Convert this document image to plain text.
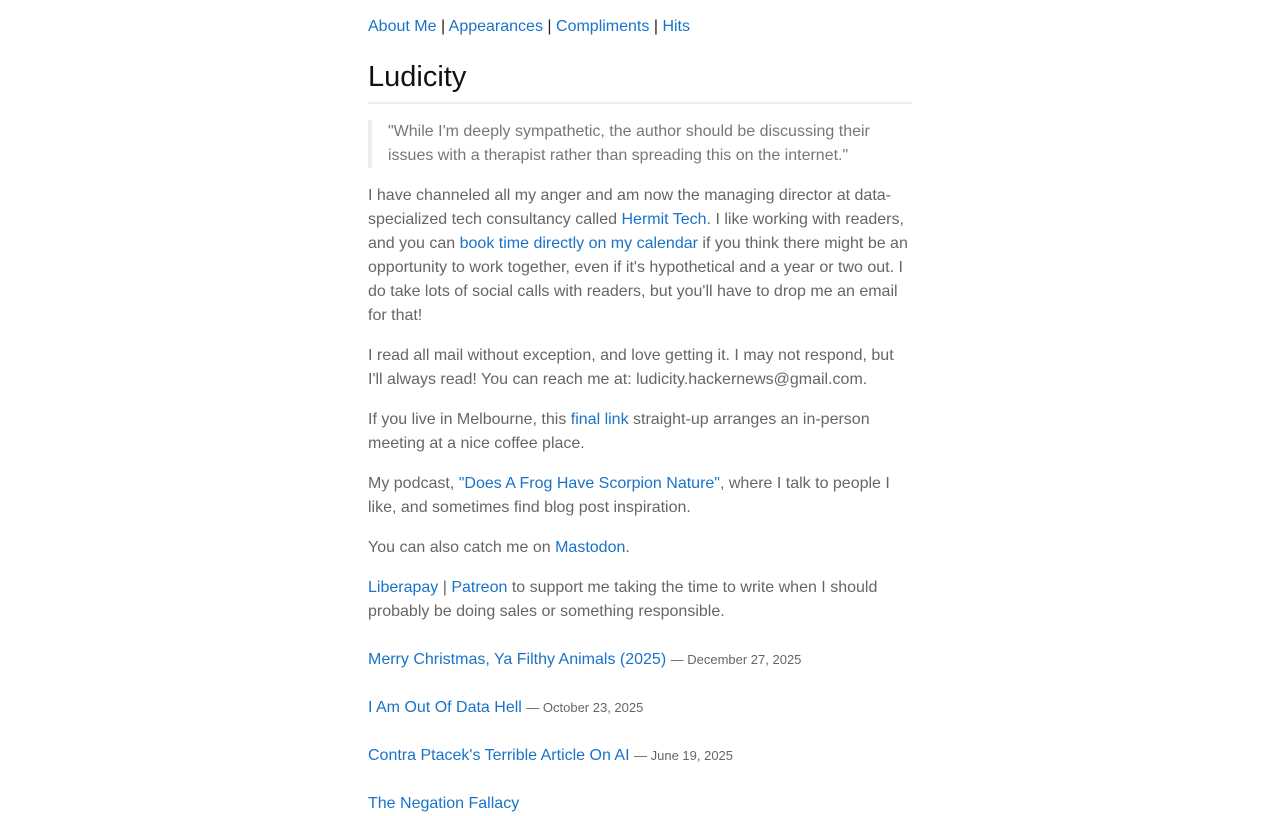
About Me | Appearances | Compliments | Hits
Ludicity
"While I'm deeply sympathetic, the author should be discussing their issues with a therapist rather than spreading this on the internet."

I have channeled all my anger and am now the managing director at data-specialized tech consultancy called Hermit Tech. I like working with readers, and you can book time directly on my calendar if you think there might be an opportunity to work together, even if it's hypothetical and a year or two out. I do take lots of social calls with readers, but you'll have to drop me an email for that!

I read all mail without exception, and love getting it. I may not respond, but I'll always read! You can reach me at: ludicity.hackernews@gmail.com.

If you live in Melbourne, this final link straight-up arranges an in-person meeting at a nice coffee place.

My podcast, "Does A Frog Have Scorpion Nature", where I talk to people I like, and sometimes find blog post inspiration.

You can also catch me on Mastodon.

Liberapay | Patreon to support me taking the time to write when I should probably be doing sales or something responsible.

Merry Christmas, Ya Filthy Animals (2025) — December 27, 2025
I Am Out Of Data Hell — October 23, 2025
Contra Ptacek's Terrible Article On AI — June 19, 2025
The Negation Fallacy
